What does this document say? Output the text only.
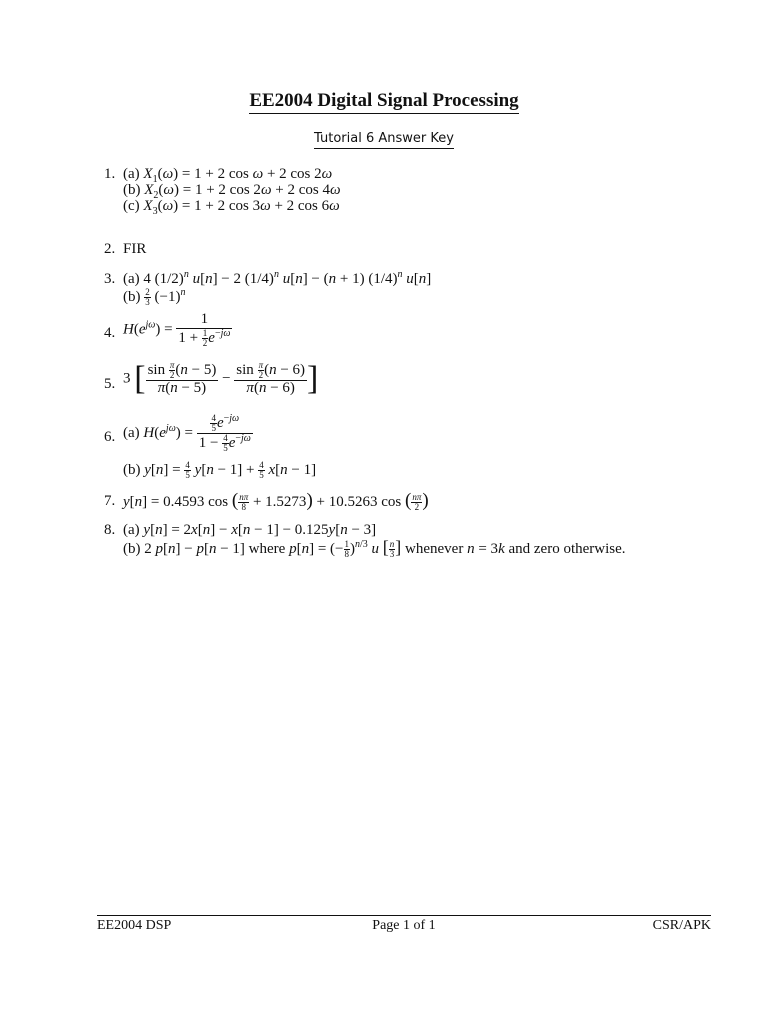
EE2004 Digital Signal Processing
Tutorial 6 Answer Key
1. (a) $X_1(\omega) = 1 + 2$ cos ω + 2 cos 2ω
(b) $X_2(\omega) = 1 + 2$ cos 2ω + 2 cos 4ω
(c) $X_3(\omega) = 1 + 2$ cos 3ω + 2 cos 6ω
2. FIR
3. (a) 4 $(1/2)^n$ u[n] − 2 $(1/4)^n$ u[n] − (n + 1) $(1/4)^n$ u[n]
$(b) \frac{2}{3} (-1)^n$
4. $H(e^{j\omega}) = \frac{1}{1 + \frac{1}{2} e^{-j\omega}}$
5. 3 [ $\frac{\sin \frac{\pi}{2} (n - 5)}{\pi(n - 5)} - \frac{\sin \frac{\pi}{2} (n - 6)}{\pi(n - 6)}$ ]
6. (a) $H(e^{j\omega}) = \frac{\frac{4}{5} e^{-j\omega}}{1 - \frac{4}{5} e^{-j\omega}}$
(b) $y[n] = \frac{4}{5} y[n - 1] + \frac{4}{5} x[n - 1]$
7. y[n] = 0.4593 cos ( $\frac{n\pi}{8} + 1.5273) + 10.5263$ cos ( $\frac{n\pi}{2}$ )
8. (a) y[n] = 2x[n] − x[n − 1] − 0.125y[n − 3]
(b) 2 p[n] − p[n − 1] where p[n] = (− $\frac{1}{8} )^{n/3}$ u [ $\frac{n}{3}$ ] whenever n = 3k and zero otherwise.
EE2004 DSP	Page 1 of 1	CSR/APK
